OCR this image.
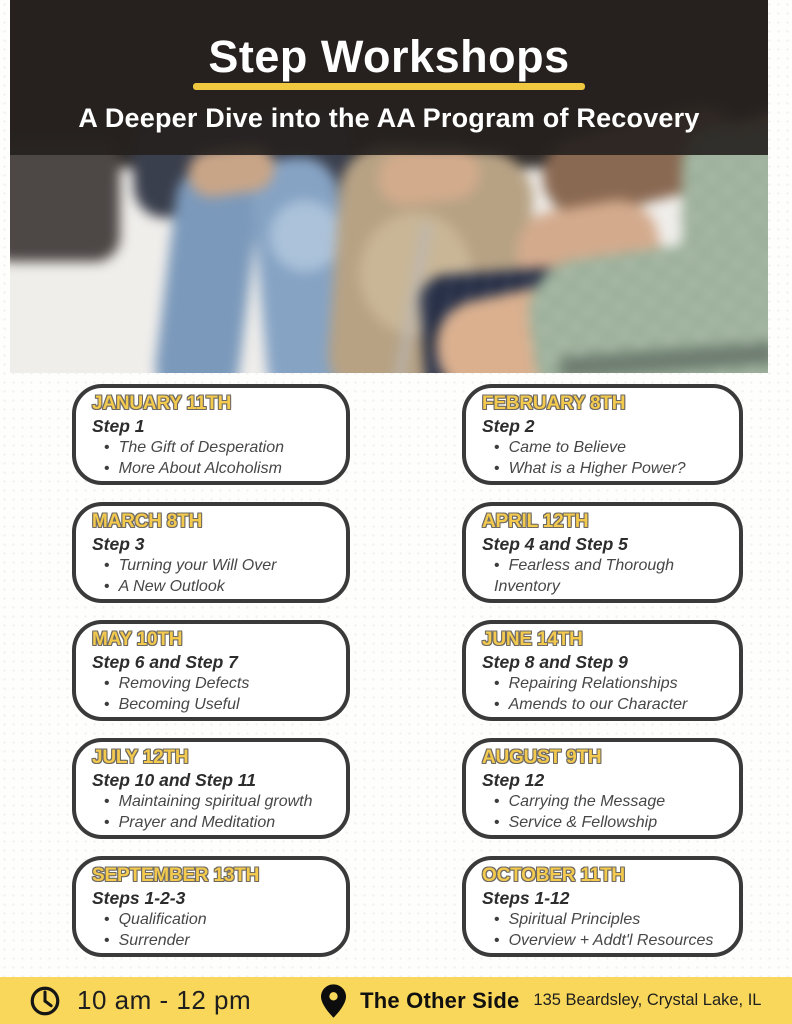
Step Workshops
A Deeper Dive into the AA Program of Recovery
JANUARY 11TH
Step 1
• The Gift of Desperation
• More About Alcoholism
FEBRUARY 8TH
Step 2
• Came to Believe
• What is a Higher Power?
MARCH 8TH
Step 3
• Turning your Will Over
• A New Outlook
APRIL 12TH
Step 4 and Step 5
• Fearless and Thorough Inventory
MAY 10TH
Step 6 and Step 7
• Removing Defects
• Becoming Useful
JUNE 14TH
Step 8 and Step 9
• Repairing Relationships
• Amends to our Character
JULY 12TH
Step 10 and Step 11
• Maintaining spiritual growth
• Prayer and Meditation
AUGUST 9TH
Step 12
• Carrying the Message
• Service & Fellowship
SEPTEMBER 13TH
Steps 1-2-3
• Qualification
• Surrender
OCTOBER 11TH
Steps 1-12
• Spiritual Principles
• Overview + Addt'l Resources
10 am - 12 pm	The Other Side 135 Beardsley, Crystal Lake, IL
